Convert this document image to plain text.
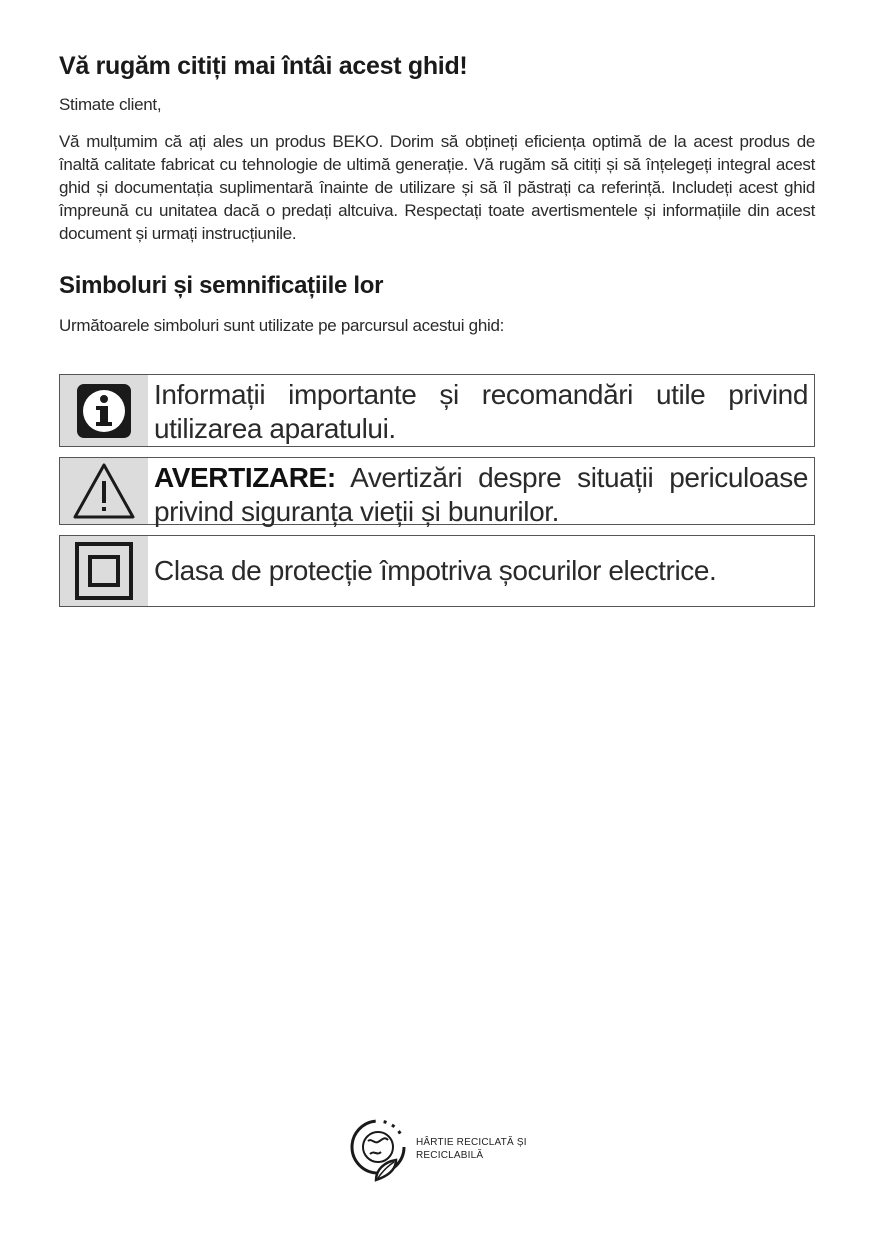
Vă rugăm citiți mai întâi acest ghid!

Stimate client,

Vă mulțumim că ați ales un produs BEKO. Dorim să obțineți eficiența optimă de la acest produs de înaltă calitate fabricat cu tehnologie de ultimă generație. Vă rugăm să citiți și să înțelegeți integral acest ghid și documentația suplimentară înainte de utilizare și să îl păstrați ca referință. Includeți acest ghid împreună cu unitatea dacă o predați altcuiva. Respectați toate avertismentele și informațiile din acest document și urmați instrucțiunile.

Simboluri și semnificațiile lor

Următoarele simboluri sunt utilizate pe parcursul acestui ghid:

Informații importante și recomandări utile privind utilizarea aparatului.
AVERTIZARE: Avertizări despre situații periculoase privind siguranța vieții și bunurilor.
Clasa de protecție împotriva șocurilor electrice.
HÂRTIE RECICLATĂ ȘI RECICLABILĂ
